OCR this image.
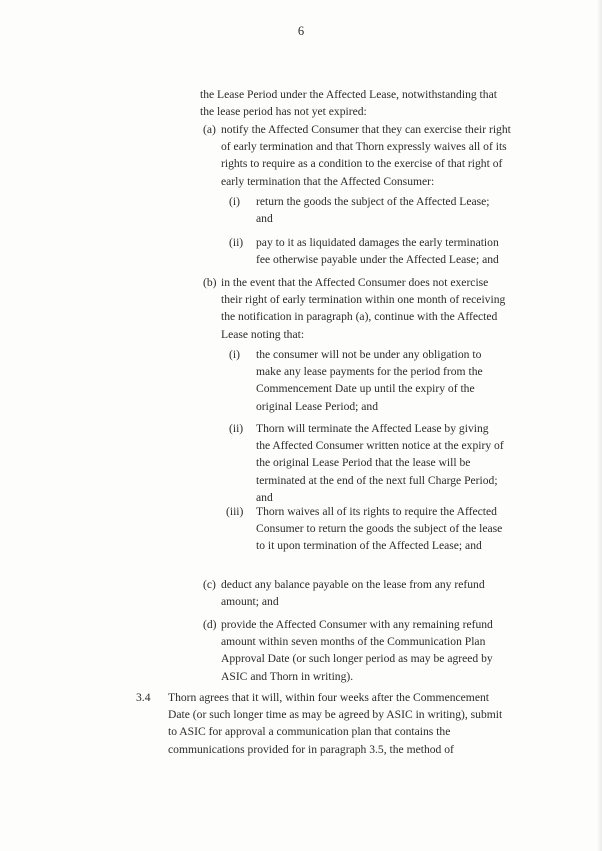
6

the Lease Period under the Affected Lease, notwithstanding that the lease period has not yet expired:

(a) notify the Affected Consumer that they can exercise their right of early termination and that Thorn expressly waives all of its rights to require as a condition to the exercise of that right of early termination that the Affected Consumer:
(i) return the goods the subject of the Affected Lease; and
(ii) pay to it as liquidated damages the early termination fee otherwise payable under the Affected Lease; and
(b) in the event that the Affected Consumer does not exercise their right of early termination within one month of receiving the notification in paragraph (a), continue with the Affected Lease noting that:
(i) the consumer will not be under any obligation to make any lease payments for the period from the Commencement Date up until the expiry of the original Lease Period; and
(ii) Thorn will terminate the Affected Lease by giving the Affected Consumer written notice at the expiry of the original Lease Period that the lease will be terminated at the end of the next full Charge Period; and
(iii) Thorn waives all of its rights to require the Affected Consumer to return the goods the subject of the lease to it upon termination of the Affected Lease; and
(c) deduct any balance payable on the lease from any refund amount; and
(d) provide the Affected Consumer with any remaining refund amount within seven months of the Communication Plan Approval Date (or such longer period as may be agreed by ASIC and Thorn in writing).
3.4 Thorn agrees that it will, within four weeks after the Commencement Date (or such longer time as may be agreed by ASIC in writing), submit to ASIC for approval a communication plan that contains the communications provided for in paragraph 3.5, the method of
